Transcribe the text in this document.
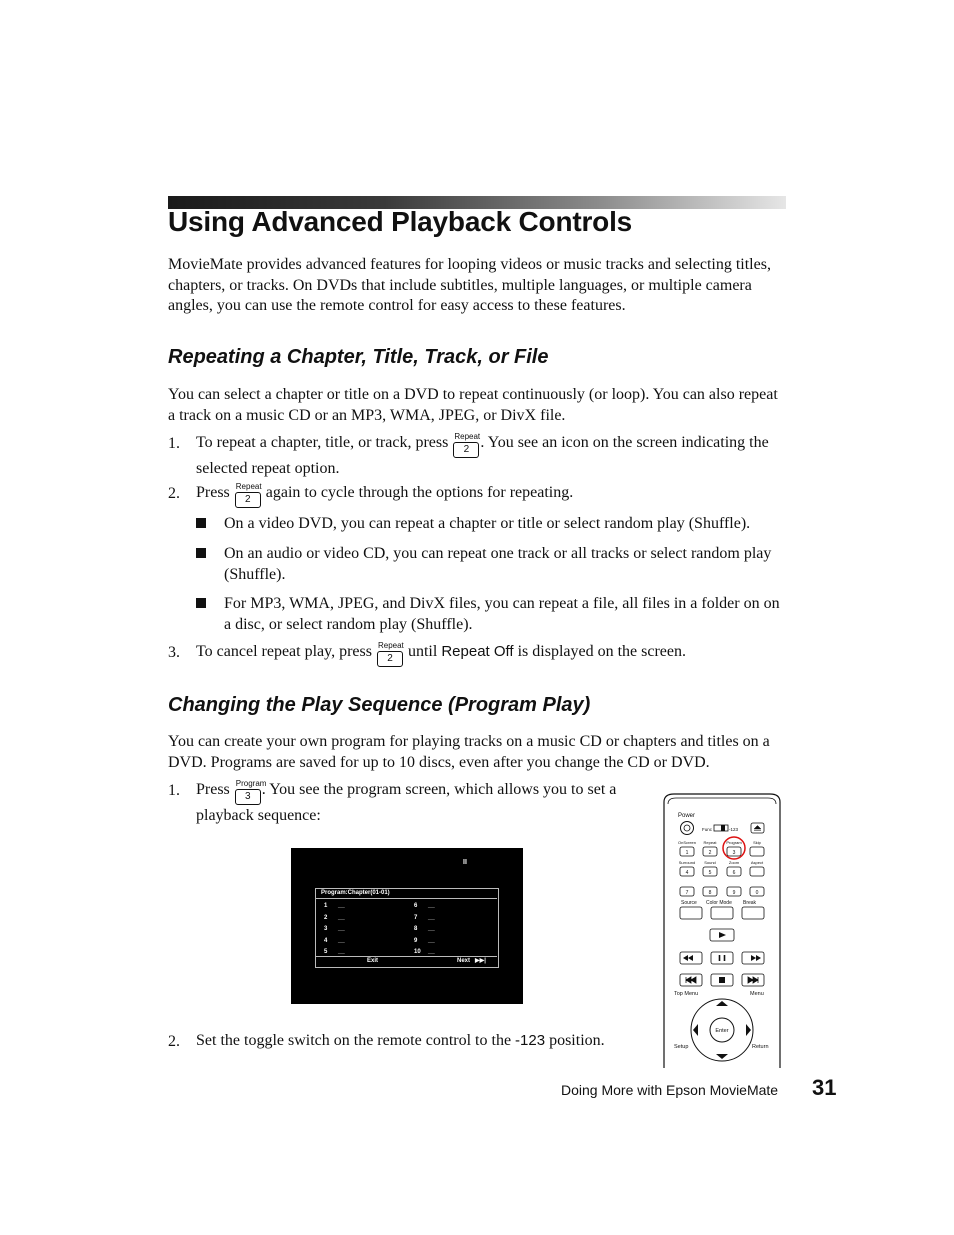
Using Advanced Playback Controls

MovieMate provides advanced features for looping videos or music tracks and selecting titles, chapters, or tracks. On DVDs that include subtitles, multiple languages, or multiple camera angles, you can use the remote control for easy access to these features.

Repeating a Chapter, Title, Track, or File

You can select a chapter or title on a DVD to repeat continuously (or loop). You can also repeat a track on a music CD or an MP3, WMA, JPEG, or DivX file.

1. To repeat a chapter, title, or track, press Repeat
2 . You see an icon on the screen indicating the
selected repeat option.
2. Press Repeat
2 again to cycle through the options for repeating.
On a video DVD, you can repeat a chapter or title or select random play (Shuffle).
On an audio or video CD, you can repeat one track or all tracks or select random play (Shuffle).
For MP3, WMA, JPEG, and DivX files, you can repeat a file, all files in a folder on on a disc, or select random play (Shuffle).
3. To cancel repeat play, press Repeat
2 until Repeat Off is displayed on the screen.
Changing the Play Sequence (Program Play)

You can create your own program for playing tracks on a music CD or chapters and titles on a DVD. Programs are saved for up to 10 discs, even after you change the CD or DVD.

1. Press Program
3 . You see the program screen, which allows you to set a
playback sequence:
II
Program:Chapter(01-01)
1 __
2 __
3 __
4 __
5 __
6 __
7 __
8 __
9 __
10 __
Exit	Next ▶▶|
2. Set the toggle switch on the remote control to the -123 position.
Power
Func	-123
OnScreen
1
Repeat
2
Program
3
Skip
Surround
4
Sound
5
Zoom
6
Aspect
7	8	9	0
Source Color Mode Break
Top Menu	Menu
Enter
Setup	Return
Doing More with Epson MovieMate 31
